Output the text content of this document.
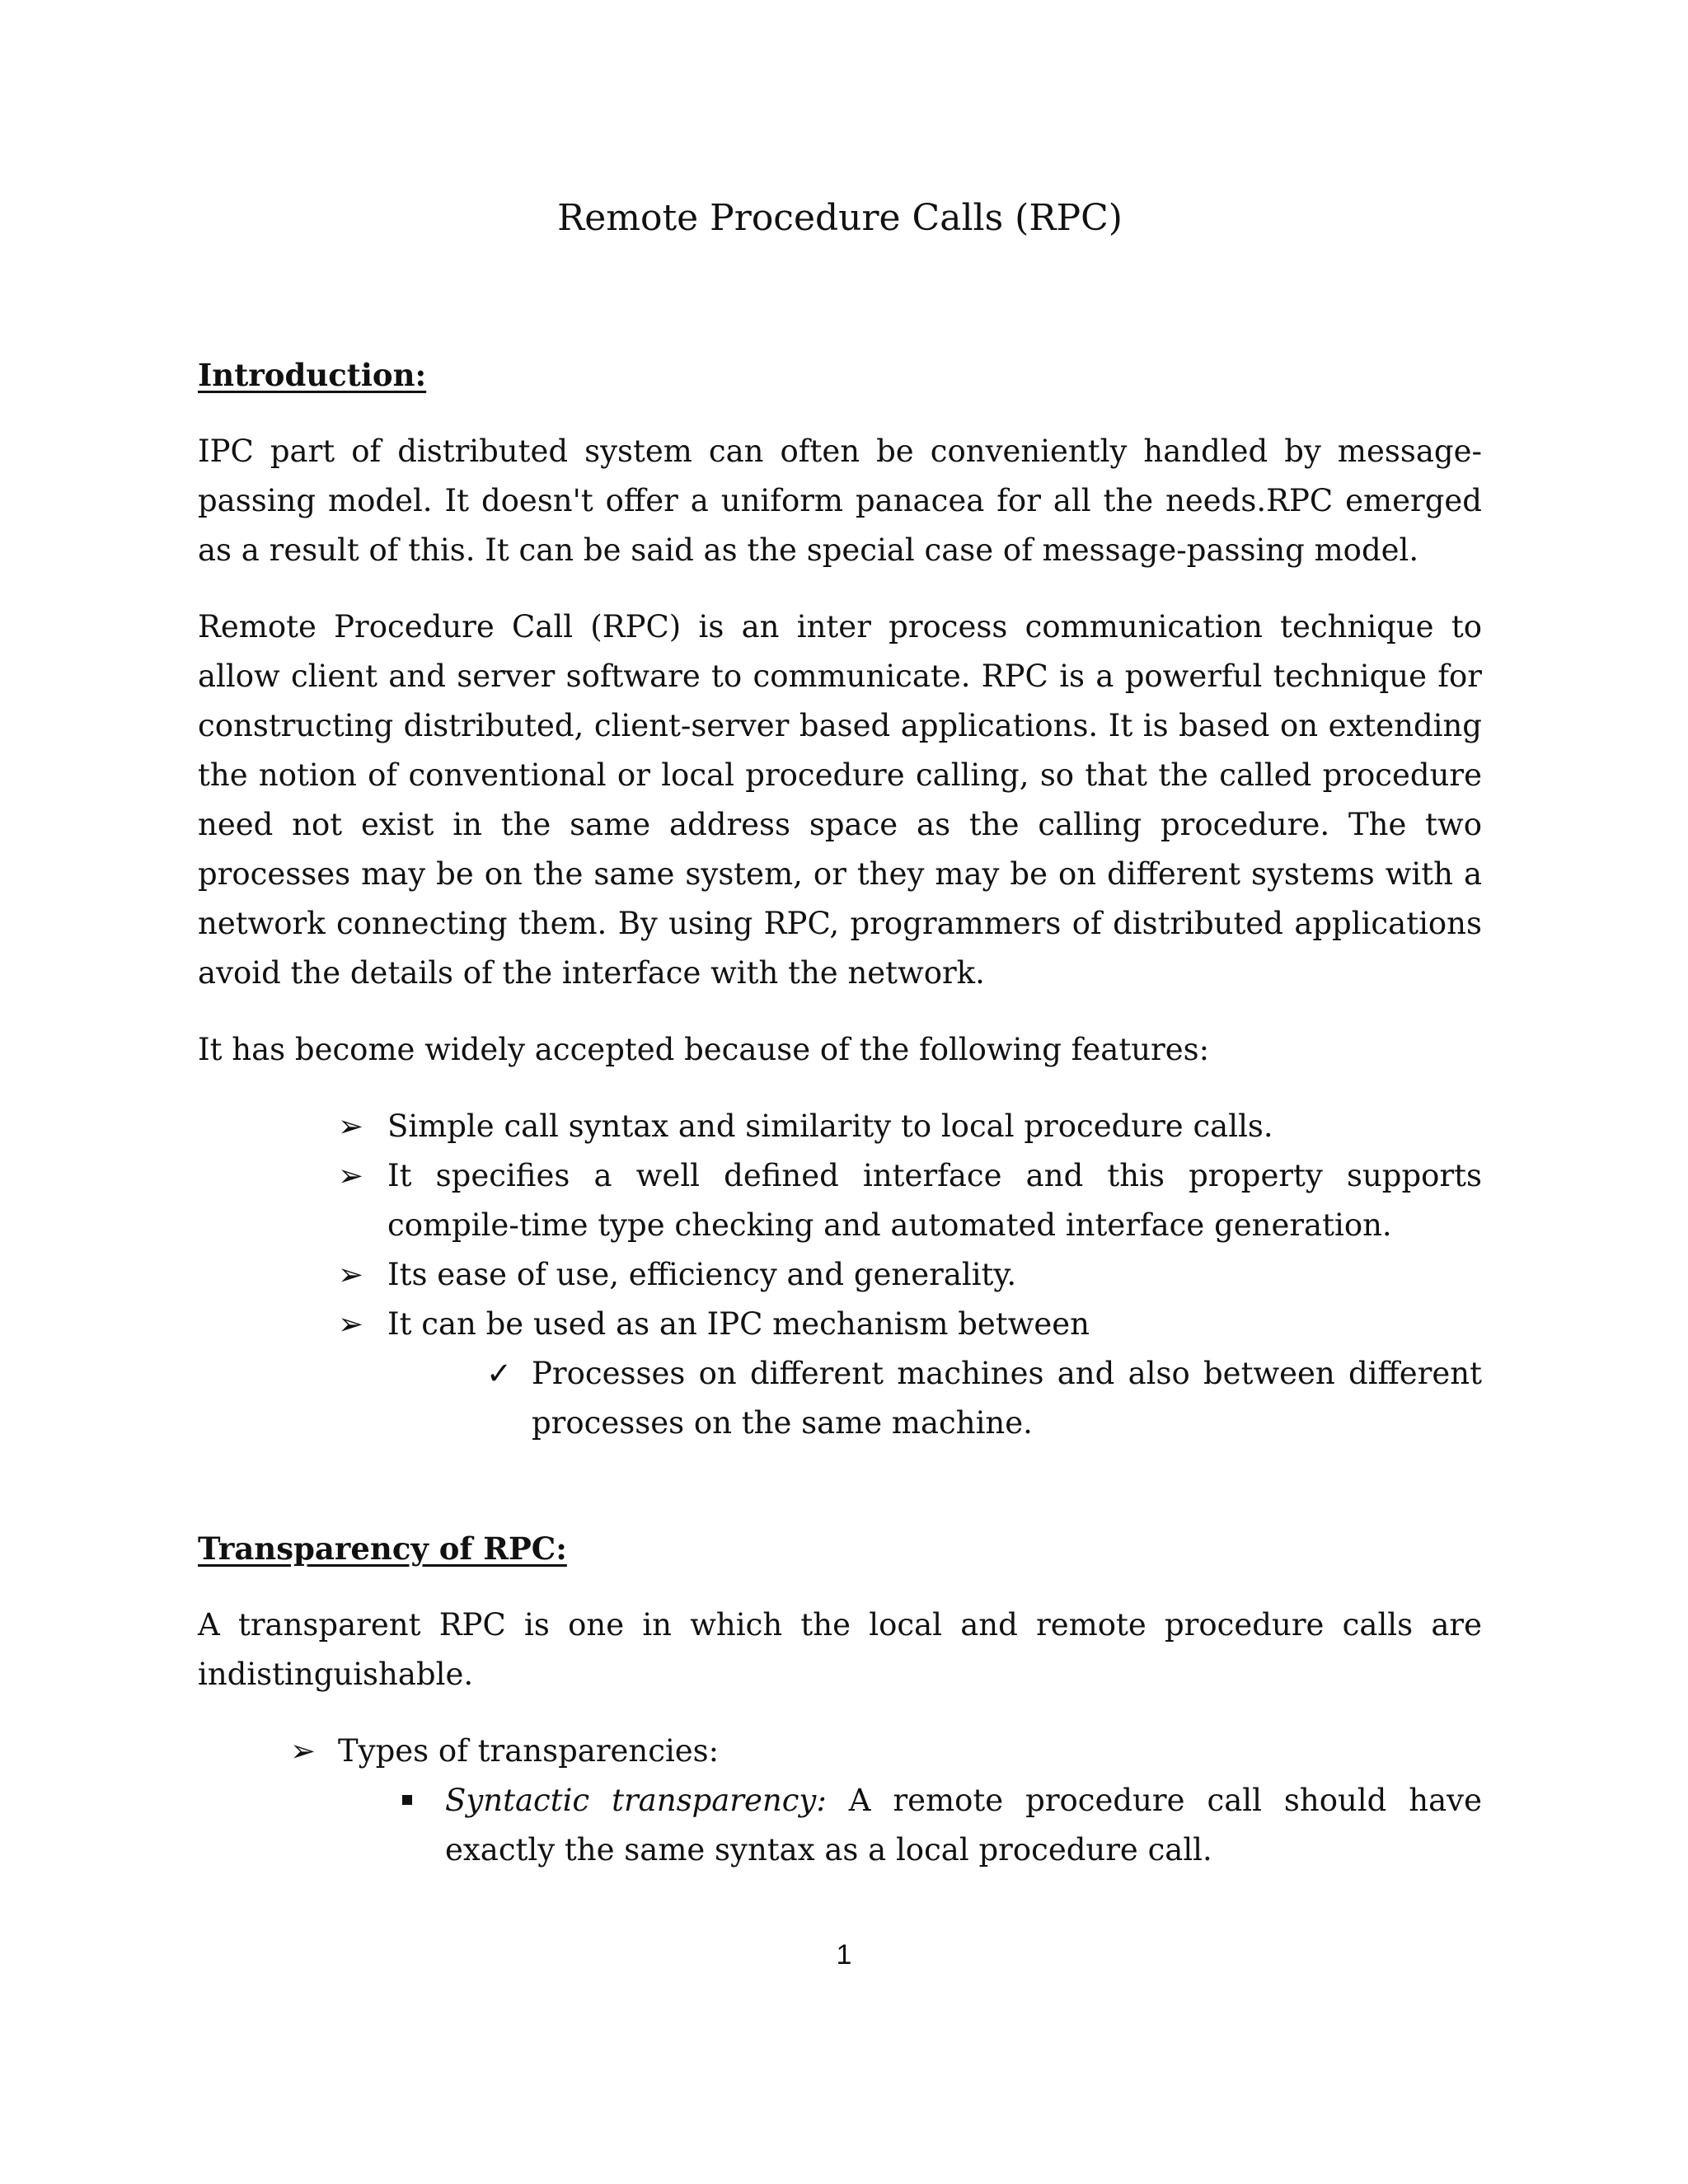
Remote Procedure Calls (RPC)
Introduction:

IPC part of distributed system can often be conveniently handled by message-passing model. It doesn't offer a uniform panacea for all the needs.RPC emerged as a result of this. It can be said as the special case of message-passing model.

Remote Procedure Call (RPC) is an inter process communication technique to allow client and server software to communicate. RPC is a powerful technique for constructing distributed, client-server based applications. It is based on extending the notion of conventional or local procedure calling, so that the called procedure need not exist in the same address space as the calling procedure. The two processes may be on the same system, or they may be on different systems with a network connecting them. By using RPC, programmers of distributed applications avoid the details of the interface with the network.

It has become widely accepted because of the following features:

➢ Simple call syntax and similarity to local procedure calls.
➢ It specifies a well defined interface and this property supports compile-time type checking and automated interface generation.
➢ Its ease of use, efficiency and generality.
➢ It can be used as an IPC mechanism between
✓ Processes on different machines and also between different processes on the same machine.
Transparency of RPC:

A transparent RPC is one in which the local and remote procedure calls are indistinguishable.

➢ Types of transparencies:
Syntactic transparency: A remote procedure call should have exactly the same syntax as a local procedure call.
1
